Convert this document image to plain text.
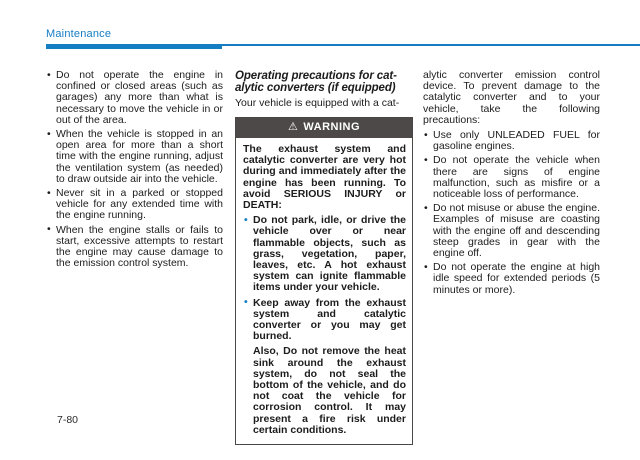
Maintenance
• Do not operate the engine in confined or closed areas (such as garages) any more than what is necessary to move the vehicle in or out of the area.
• When the vehicle is stopped in an open area for more than a short time with the engine running, adjust the ventilation system (as needed) to draw outside air into the vehicle.
• Never sit in a parked or stopped vehicle for any extended time with the engine running.
• When the engine stalls or fails to start, excessive attempts to restart the engine may cause damage to the emission control system.
Operating precautions for cat-
alytic converters (if equipped)
Your vehicle is equipped with a cat-
⚠ WARNING
The exhaust system and catalytic converter are very hot during and immediately after the engine has been running. To avoid SERIOUS INJURY or DEATH:
• Do not park, idle, or drive the vehicle over or near flammable objects, such as grass, vegetation, paper, leaves, etc. A hot exhaust system can ignite flammable items under your vehicle.
• Keep away from the exhaust system and catalytic converter or you may get burned.
Also, Do not remove the heat sink around the exhaust system, do not seal the bottom of the vehicle, and do not coat the vehicle for corrosion control. It may present a fire risk under certain conditions.
alytic converter emission control device. To prevent damage to the catalytic converter and to your vehicle, take the following precautions:
• Use only UNLEADED FUEL for gasoline engines.
• Do not operate the vehicle when there are signs of engine malfunction, such as misfire or a noticeable loss of performance.
• Do not misuse or abuse the engine. Examples of misuse are coasting with the engine off and descending steep grades in gear with the engine off.
• Do not operate the engine at high idle speed for extended periods (5 minutes or more).
7-80
